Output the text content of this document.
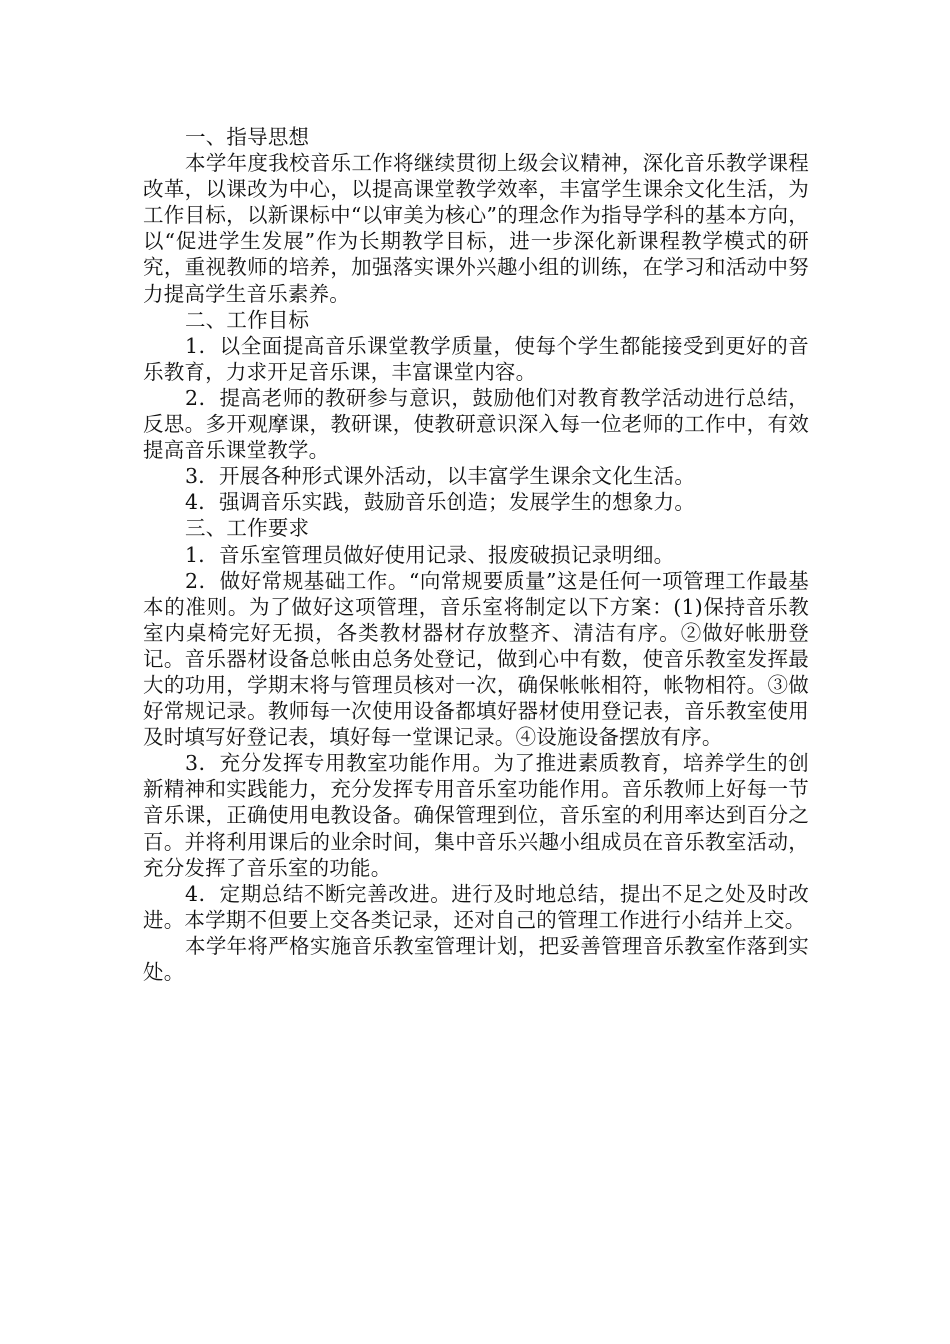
一、指导思想

本学年度我校音乐工作将继续贯彻上级会议精神，深化音乐教学课程改革，以课改为中心，以提高课堂教学效率，丰富学生课余文化生活，为工作目标，以新课标中“以审美为核心”的理念作为指导学科的基本方向，以“促进学生发展”作为长期教学目标，进一步深化新课程教学模式的研究，重视教师的培养，加强落实课外兴趣小组的训练，在学习和活动中努力提高学生音乐素养。

二、工作目标

1．以全面提高音乐课堂教学质量，使每个学生都能接受到更好的音乐教育，力求开足音乐课，丰富课堂内容。

2．提高老师的教研参与意识，鼓励他们对教育教学活动进行总结，反思。多开观摩课，教研课，使教研意识深入每一位老师的工作中，有效提高音乐课堂教学。

3．开展各种形式课外活动，以丰富学生课余文化生活。

4．强调音乐实践，鼓励音乐创造；发展学生的想象力。

三、工作要求

1．音乐室管理员做好使用记录、报废破损记录明细。

2．做好常规基础工作。“向常规要质量”这是任何一项管理工作最基本的准则。为了做好这项管理，音乐室将制定以下方案：(1)保持音乐教室内桌椅完好无损，各类教材器材存放整齐、清洁有序。②做好帐册登记。音乐器材设备总帐由总务处登记，做到心中有数，使音乐教室发挥最大的功用，学期末将与管理员核对一次，确保帐帐相符，帐物相符。③做好常规记录。教师每一次使用设备都填好器材使用登记表，音乐教室使用及时填写好登记表，填好每一堂课记录。④设施设备摆放有序。

3．充分发挥专用教室功能作用。为了推进素质教育，培养学生的创新精神和实践能力，充分发挥专用音乐室功能作用。音乐教师上好每一节音乐课，正确使用电教设备。确保管理到位，音乐室的利用率达到百分之百。并将利用课后的业余时间，集中音乐兴趣小组成员在音乐教室活动，充分发挥了音乐室的功能。

4．定期总结不断完善改进。进行及时地总结，提出不足之处及时改进。本学期不但要上交各类记录，还对自己的管理工作进行小结并上交。

本学年将严格实施音乐教室管理计划，把妥善管理音乐教室作落到实处。
